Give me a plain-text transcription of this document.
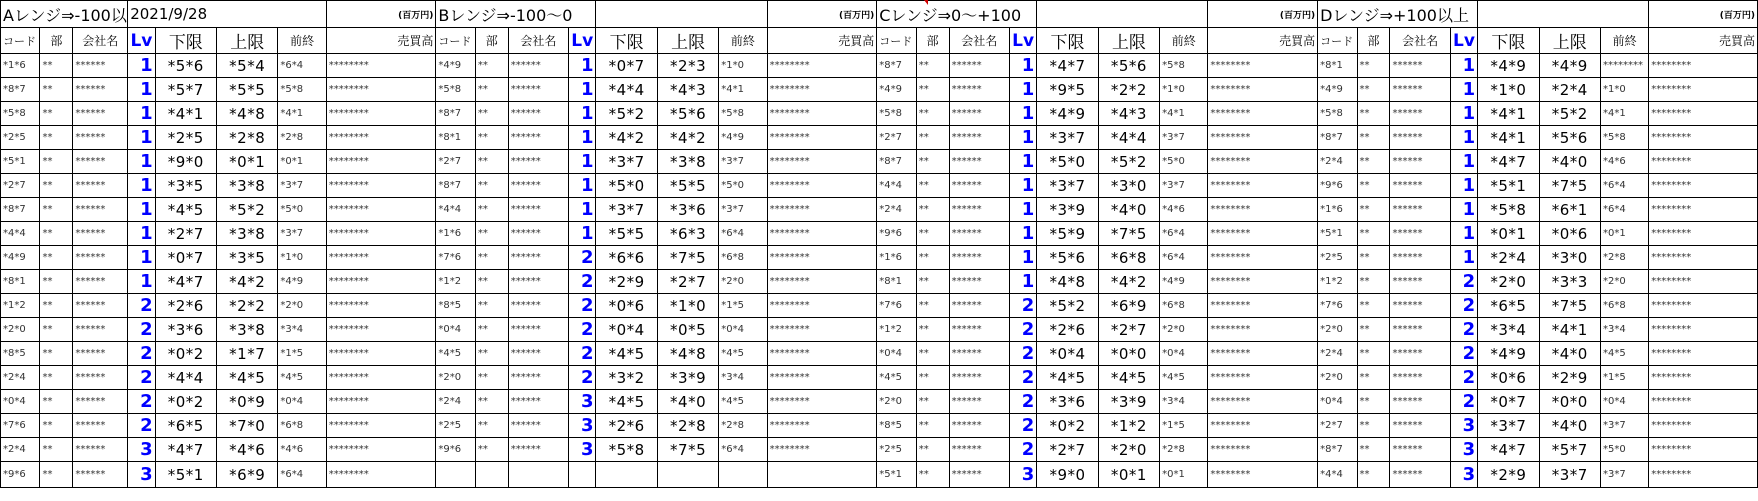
Aレンジ⇒-100以			2021/9/28				(百万円)	Bレンジ⇒-100〜0							(百万円)	Cレンジ⇒0〜+100							(百万円)	Dレンジ⇒+100以上							(百万円)
コード	部	会社名	Lv	下限	上限	前終	売買高	コード	部	会社名	Lv	下限	上限	前終	売買高	コード	部	会社名	Lv	下限	上限	前終	売買高	コード	部	会社名	Lv	下限	上限	前終	売買高
*1*6	**	******	1	*5*6	*5*4	*6*4	********	*4*9	**	******	1	*0*7	*2*3	*1*0	********	*8*7	**	******	1	*4*7	*5*6	*5*8	********	*8*1	**	******	1	*4*9	*4*9	********	********
*8*7	**	******	1	*5*7	*5*5	*5*8	********	*5*8	**	******	1	*4*4	*4*3	*4*1	********	*4*9	**	******	1	*9*5	*2*2	*1*0	********	*4*9	**	******	1	*1*0	*2*4	*1*0	********
*5*8	**	******	1	*4*1	*4*8	*4*1	********	*8*7	**	******	1	*5*2	*5*6	*5*8	********	*5*8	**	******	1	*4*9	*4*3	*4*1	********	*5*8	**	******	1	*4*1	*5*2	*4*1	********
*2*5	**	******	1	*2*5	*2*8	*2*8	********	*8*1	**	******	1	*4*2	*4*2	*4*9	********	*2*7	**	******	1	*3*7	*4*4	*3*7	********	*8*7	**	******	1	*4*1	*5*6	*5*8	********
*5*1	**	******	1	*9*0	*0*1	*0*1	********	*2*7	**	******	1	*3*7	*3*8	*3*7	********	*8*7	**	******	1	*5*0	*5*2	*5*0	********	*2*4	**	******	1	*4*7	*4*0	*4*6	********
*2*7	**	******	1	*3*5	*3*8	*3*7	********	*8*7	**	******	1	*5*0	*5*5	*5*0	********	*4*4	**	******	1	*3*7	*3*0	*3*7	********	*9*6	**	******	1	*5*1	*7*5	*6*4	********
*8*7	**	******	1	*4*5	*5*2	*5*0	********	*4*4	**	******	1	*3*7	*3*6	*3*7	********	*2*4	**	******	1	*3*9	*4*0	*4*6	********	*1*6	**	******	1	*5*8	*6*1	*6*4	********
*4*4	**	******	1	*2*7	*3*8	*3*7	********	*1*6	**	******	1	*5*5	*6*3	*6*4	********	*9*6	**	******	1	*5*9	*7*5	*6*4	********	*5*1	**	******	1	*0*1	*0*6	*0*1	********
*4*9	**	******	1	*0*7	*3*5	*1*0	********	*7*6	**	******	2	*6*6	*7*5	*6*8	********	*1*6	**	******	1	*5*6	*6*8	*6*4	********	*2*5	**	******	1	*2*4	*3*0	*2*8	********
*8*1	**	******	1	*4*7	*4*2	*4*9	********	*1*2	**	******	2	*2*9	*2*7	*2*0	********	*8*1	**	******	1	*4*8	*4*2	*4*9	********	*1*2	**	******	2	*2*0	*3*3	*2*0	********
*1*2	**	******	2	*2*6	*2*2	*2*0	********	*8*5	**	******	2	*0*6	*1*0	*1*5	********	*7*6	**	******	2	*5*2	*6*9	*6*8	********	*7*6	**	******	2	*6*5	*7*5	*6*8	********
*2*0	**	******	2	*3*6	*3*8	*3*4	********	*0*4	**	******	2	*0*4	*0*5	*0*4	********	*1*2	**	******	2	*2*6	*2*7	*2*0	********	*2*0	**	******	2	*3*4	*4*1	*3*4	********
*8*5	**	******	2	*0*2	*1*7	*1*5	********	*4*5	**	******	2	*4*5	*4*8	*4*5	********	*0*4	**	******	2	*0*4	*0*0	*0*4	********	*2*4	**	******	2	*4*9	*4*0	*4*5	********
*2*4	**	******	2	*4*4	*4*5	*4*5	********	*2*0	**	******	2	*3*2	*3*9	*3*4	********	*4*5	**	******	2	*4*5	*4*5	*4*5	********	*2*0	**	******	2	*0*6	*2*9	*1*5	********
*0*4	**	******	2	*0*2	*0*9	*0*4	********	*2*4	**	******	3	*4*5	*4*0	*4*5	********	*2*0	**	******	2	*3*6	*3*9	*3*4	********	*0*4	**	******	2	*0*7	*0*0	*0*4	********
*7*6	**	******	2	*6*5	*7*0	*6*8	********	*2*5	**	******	3	*2*6	*2*8	*2*8	********	*8*5	**	******	2	*0*2	*1*2	*1*5	********	*2*7	**	******	3	*3*7	*4*0	*3*7	********
*2*4	**	******	3	*4*7	*4*6	*4*6	********	*9*6	**	******	3	*5*8	*7*5	*6*4	********	*2*5	**	******	2	*2*7	*2*0	*2*8	********	*8*7	**	******	3	*4*7	*5*7	*5*0	********
*9*6	**	******	3	*5*1	*6*9	*6*4	********									*5*1	**	******	3	*9*0	*0*1	*0*1	********	*4*4	**	******	3	*2*9	*3*7	*3*7	********
